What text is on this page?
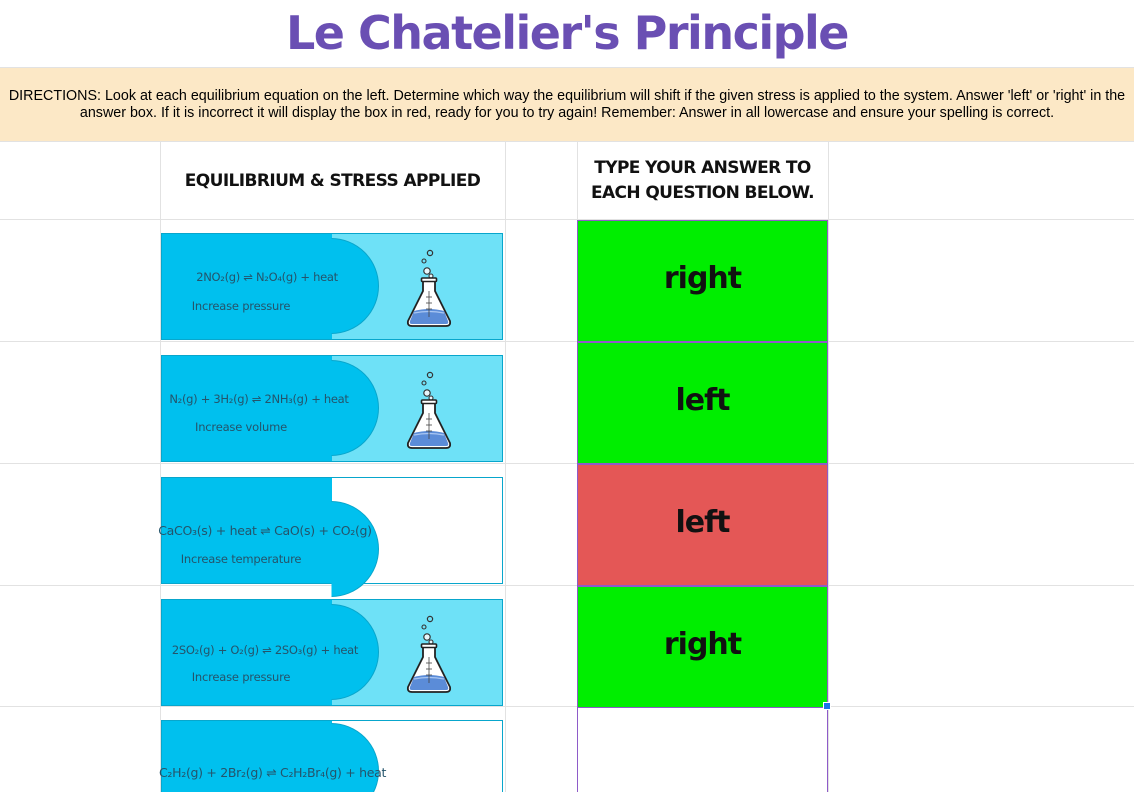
Le Chatelier's Principle
DIRECTIONS: Look at each equilibrium equation on the left. Determine which way the equilibrium will shift if the given stress is applied to the system. Answer 'left' or 'right' in the answer box. If it is incorrect it will display the box in red, ready for you to try again! Remember: Answer in all lowercase and ensure your spelling is correct.
EQUILIBRIUM & STRESS APPLIED
TYPE YOUR ANSWER TO
EACH QUESTION BELOW.
2NO₂(g) ⇌ N₂O₄(g) + heat
Increase pressure
right
N₂(g) + 3H₂(g) ⇌ 2NH₃(g) + heat
Increase volume
left
CaCO₃(s) + heat ⇌ CaO(s) + CO₂(g)
Increase temperature
left
2SO₂(g) + O₂(g) ⇌ 2SO₃(g) + heat
Increase pressure
right
C₂H₂(g) + 2Br₂(g) ⇌ C₂H₂Br₄(g) + heat
